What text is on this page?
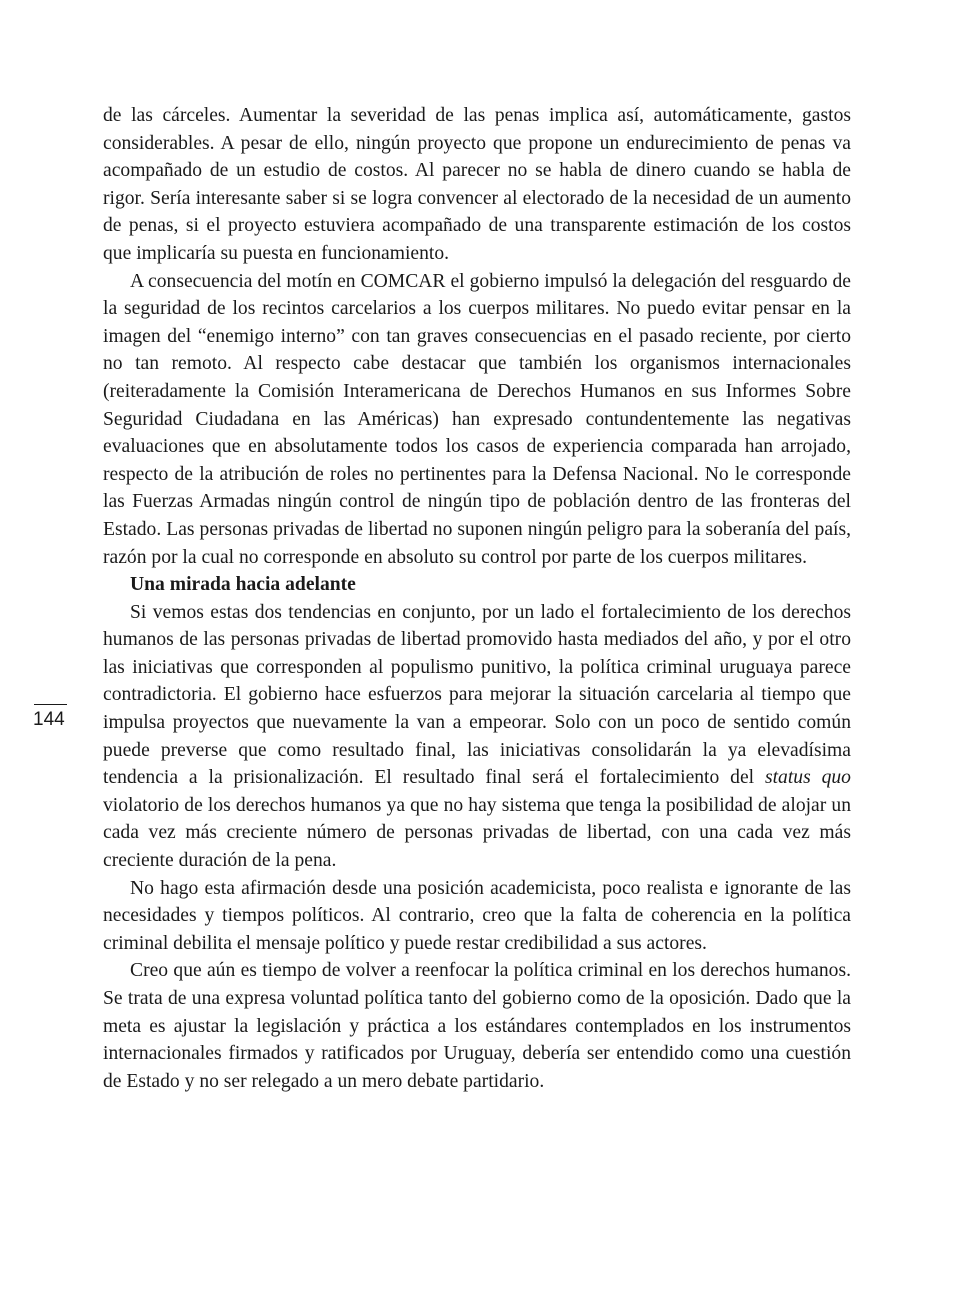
144

de las cárceles. Aumentar la severidad de las penas implica así, automáticamente, gastos considerables. A pesar de ello, ningún proyecto que propone un endurecimiento de penas va acompañado de un estudio de costos. Al parecer no se habla de dinero cuando se habla de rigor. Sería interesante saber si se logra convencer al electorado de la necesidad de un aumento de penas, si el proyecto estuviera acompañado de una transparente estimación de los costos que implicaría su puesta en funcionamiento.

A consecuencia del motín en COMCAR el gobierno impulsó la delegación del resguardo de la seguridad de los recintos carcelarios a los cuerpos militares. No puedo evitar pensar en la imagen del “enemigo interno” con tan graves consecuencias en el pasado reciente, por cierto no tan remoto. Al respecto cabe destacar que también los organismos internacionales (reiteradamente la Comisión Interamericana de Derechos Humanos en sus Informes Sobre Seguridad Ciudadana en las Américas) han expresado contundentemente las negativas evaluaciones que en absolutamente todos los casos de experiencia comparada han arrojado, respecto de la atribución de roles no pertinentes para la Defensa Nacional. No le corresponde las Fuerzas Armadas ningún control de ningún tipo de población dentro de las fronteras del Estado. Las personas privadas de libertad no suponen ningún peligro para la soberanía del país, razón por la cual no corresponde en absoluto su control por parte de los cuerpos militares.

Una mirada hacia adelante

Si vemos estas dos tendencias en conjunto, por un lado el fortalecimiento de los derechos humanos de las personas privadas de libertad promovido hasta mediados del año, y por el otro las iniciativas que corresponden al populismo punitivo, la política criminal uruguaya parece contradictoria. El gobierno hace esfuerzos para mejorar la situación carcelaria al tiempo que impulsa proyectos que nuevamente la van a empeorar. Solo con un poco de sentido común puede preverse que como resultado final, las iniciativas consolidarán la ya elevadísima tendencia a la prisionalización. El resultado final será el fortalecimiento del status quo violatorio de los derechos humanos ya que no hay sistema que tenga la posibilidad de alojar un cada vez más creciente número de personas privadas de libertad, con una cada vez más creciente duración de la pena.

No hago esta afirmación desde una posición academicista, poco realista e ignorante de las necesidades y tiempos políticos. Al contrario, creo que la falta de coherencia en la política criminal debilita el mensaje político y puede restar credibilidad a sus actores.

Creo que aún es tiempo de volver a reenfocar la política criminal en los derechos humanos. Se trata de una expresa voluntad política tanto del gobierno como de la oposición. Dado que la meta es ajustar la legislación y práctica a los estándares contemplados en los instrumentos internacionales firmados y ratificados por Uruguay, debería ser entendido como una cuestión de Estado y no ser relegado a un mero debate partidario.
